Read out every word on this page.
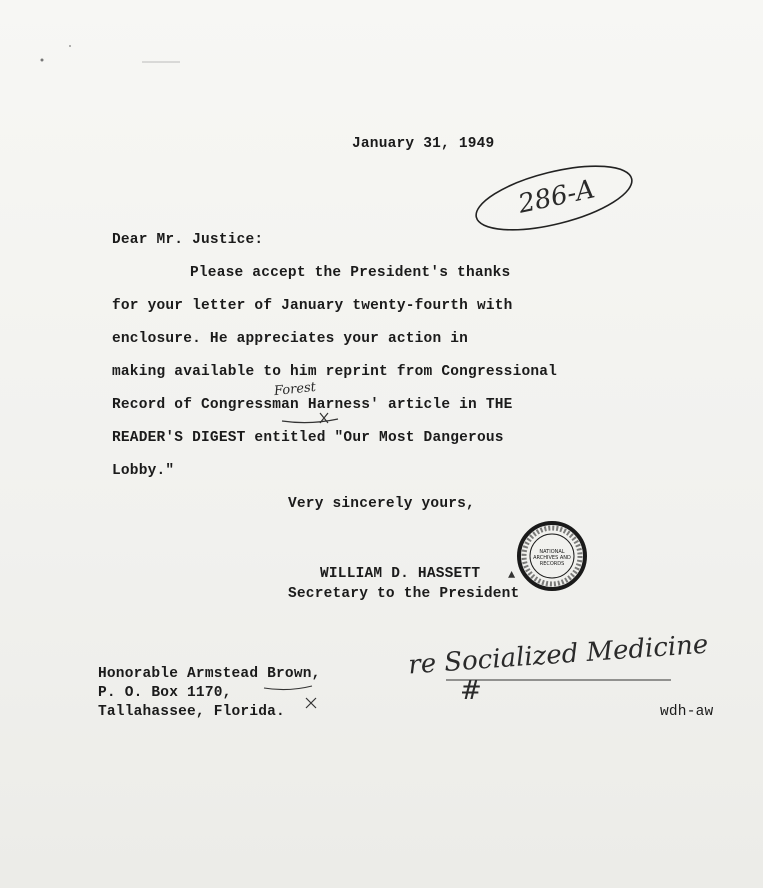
January 31, 1949
286-A
Dear Mr. Justice:
Please accept the President's thanks
for your letter of January twenty-fourth with
enclosure. He appreciates your action in
making available to him reprint from Congressional
Record of Congressman Harness' article in THE
READER'S DIGEST entitled "Our Most Dangerous
Lobby."
Forest
Very sincerely yours,
NATIONAL
ARCHIVES AND
RECORDS
WILLIAM D. HASSETT ▲
Secretary to the President
re Socialized Medicine
#
Honorable Armstead Brown,
P. O. Box 1170,
Tallahassee, Florida.	wdh-aw
